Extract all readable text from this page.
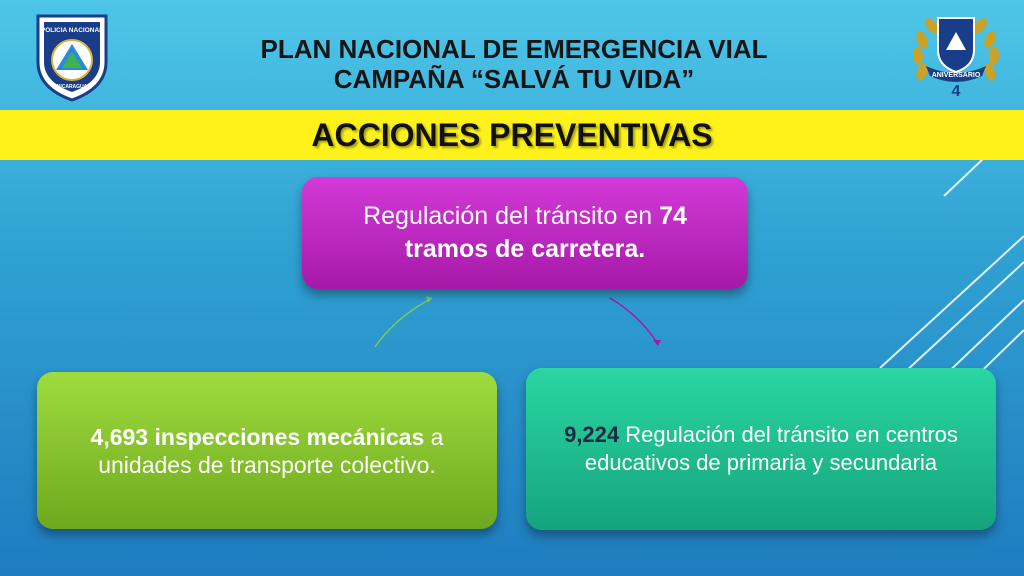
POLICIA NACIONAL
NICARAGUA
ANIVERSARIO
4
PLAN NACIONAL DE EMERGENCIA VIAL
CAMPAÑA “SALVÁ TU VIDA”
ACCIONES PREVENTIVAS
Regulación del tránsito en 74
tramos de carretera.
4,693 inspecciones mecánicas a unidades de transporte colectivo.
9,224 Regulación del tránsito en centros educativos de primaria y secundaria
